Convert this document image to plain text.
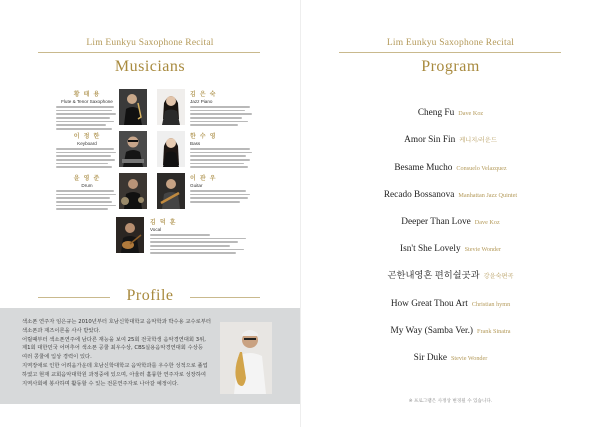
Lim Eunkyu Saxophone Recital
Musicians
황 태 용
Flute & Tenor Saxophone
김 은 숙
Jazz Piano
이 정 한
Keyboard
한 수 영
Bass
윤 영 준
Drum
이 관 우
Guitar
김 덕 훈
Vocal
Profile
색소폰 연주자 임은규는 2010년부터 호남신학대학교 음악학과 박수용 교수로부터
색소폰과 재즈이론을 사사 받았다.
어릴때부터 색소폰연주에 남다른 재능을 보여 25회 전국학생 음악경연대회 3위,
제1회 대한민국 어머추어 색소폰 공쿨 최우수상, CBS실용음악경연대회 수상등
여러 콩쿨에 입상 경력이 있다.
지역장애로 인한 어려움가운데 호남신학대학교 음악학과를 우수한 성적으로 졸업
하였고 현재 교회음악대학원 과정중에 있으며, 아울러 훌륭한 연주자로 성장하여
지역사회에 봉사하며 활동할 수 있는 전문연주자로 나아갈 예정이다.
Lim Eunkyu Saxophone Recital
Program
Cheng Fu Dave Koz
Amor Sin Fin 케니지/러운드
Besame Mucho Consuelo Velazquez
Recado Bossanova Manhattan Jazz Quintet
Deeper Than Love Dave Koz
Isn't She Lovely Stevie Wonder
곤한내영혼 편히쉴곳과 강윤숙편곡
How Great Thou Art Christian hymn
My Way (Samba Ver.) Frank Sinatra
Sir Duke Stevie Wonder
※ 프로그램은 사정상 변경될 수 있습니다.
